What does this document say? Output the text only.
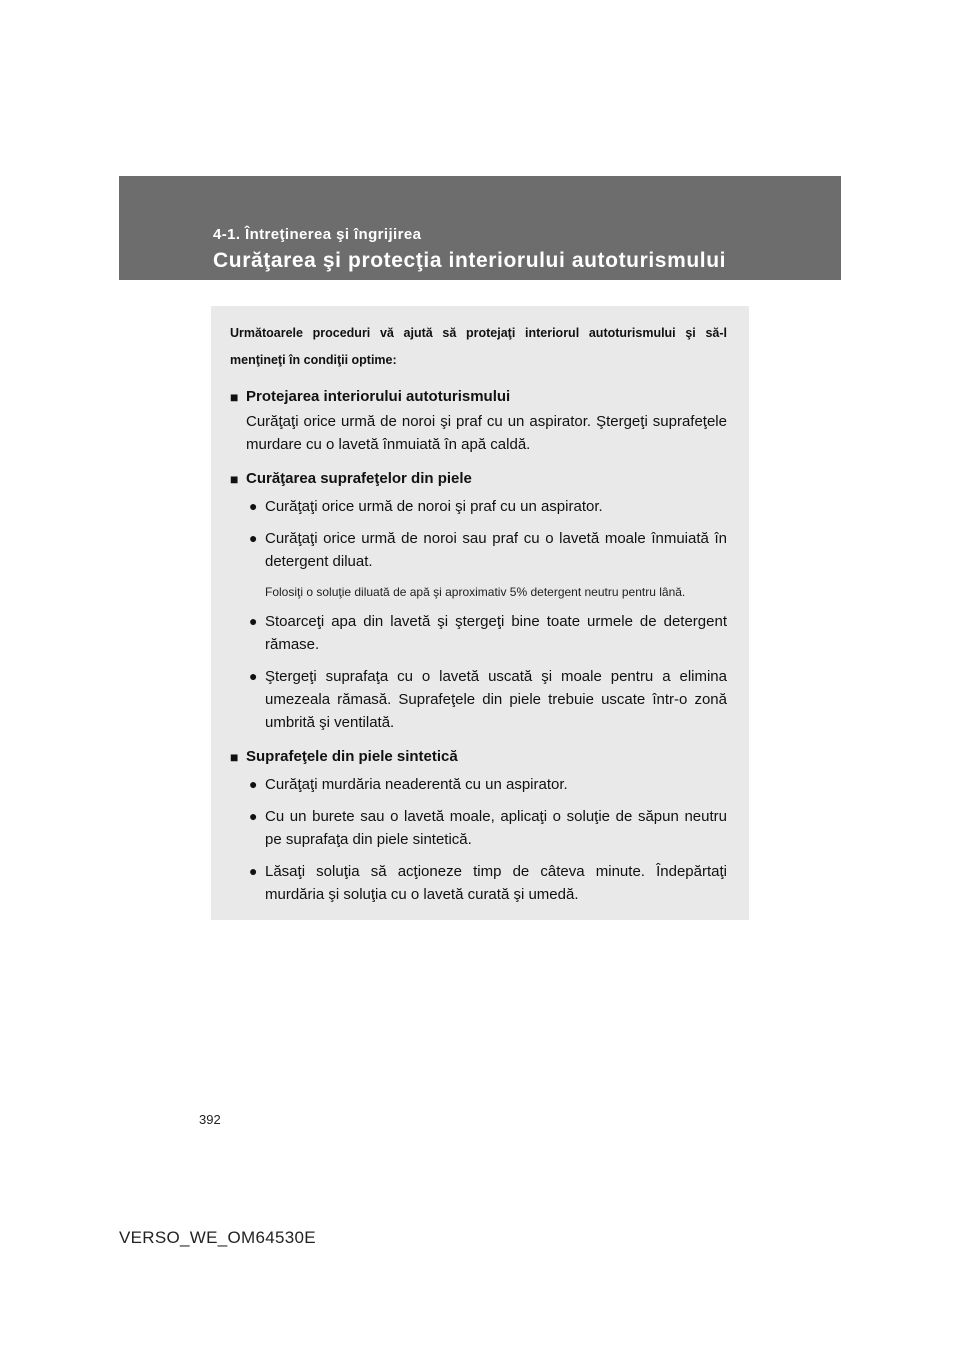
4-1. Întreţinerea şi îngrijirea
Curăţarea şi protecţia interiorului autoturismului
Următoarele proceduri vă ajută să protejaţi interiorul autoturismului şi să-l menţineţi în condiţii optime:
■ Protejarea interiorului autoturismului
Curăţaţi orice urmă de noroi şi praf cu un aspirator. Ştergeţi suprafeţele murdare cu o lavetă înmuiată în apă caldă.
■ Curăţarea suprafeţelor din piele
● Curăţaţi orice urmă de noroi şi praf cu un aspirator.
● Curăţaţi orice urmă de noroi sau praf cu o lavetă moale înmuiată în detergent diluat.
Folosiţi o soluţie diluată de apă şi aproximativ 5% detergent neutru pentru lână.
● Stoarceţi apa din lavetă şi ştergeţi bine toate urmele de detergent rămase.
● Ştergeţi suprafaţa cu o lavetă uscată şi moale pentru a elimina umezeala rămasă. Suprafeţele din piele trebuie uscate într-o zonă umbrită şi ventilată.
■ Suprafeţele din piele sintetică
● Curăţaţi murdăria neaderentă cu un aspirator.
● Cu un burete sau o lavetă moale, aplicaţi o soluţie de săpun neutru pe suprafaţa din piele sintetică.
● Lăsaţi soluţia să acţioneze timp de câteva minute. Îndepărtaţi murdăria şi soluţia cu o lavetă curată şi umedă.
392
VERSO_WE_OM64530E
